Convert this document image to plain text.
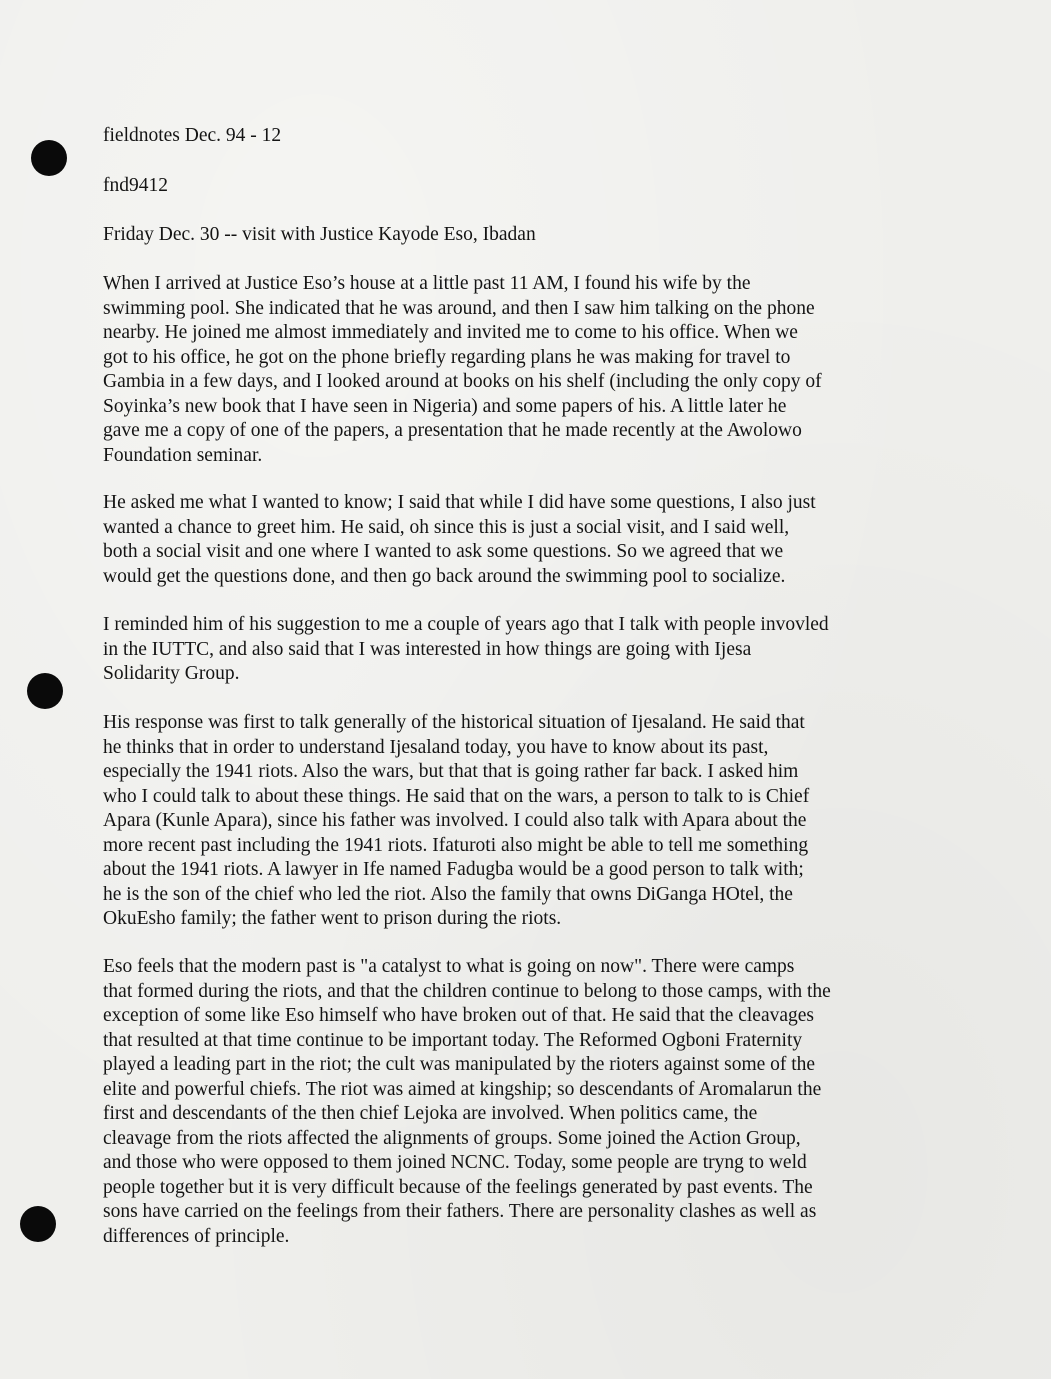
fieldnotes Dec. 94 - 12
fnd9412
Friday Dec. 30 -- visit with Justice Kayode Eso, Ibadan
When I arrived at Justice Eso’s house at a little past 11 AM, I found his wife by the
swimming pool. She indicated that he was around, and then I saw him talking on the phone
nearby. He joined me almost immediately and invited me to come to his office. When we
got to his office, he got on the phone briefly regarding plans he was making for travel to
Gambia in a few days, and I looked around at books on his shelf (including the only copy of
Soyinka’s new book that I have seen in Nigeria) and some papers of his. A little later he
gave me a copy of one of the papers, a presentation that he made recently at the Awolowo
Foundation seminar.
He asked me what I wanted to know; I said that while I did have some questions, I also just
wanted a chance to greet him. He said, oh since this is just a social visit, and I said well,
both a social visit and one where I wanted to ask some questions. So we agreed that we
would get the questions done, and then go back around the swimming pool to socialize.
I reminded him of his suggestion to me a couple of years ago that I talk with people invovled
in the IUTTC, and also said that I was interested in how things are going with Ijesa
Solidarity Group.
His response was first to talk generally of the historical situation of Ijesaland. He said that
he thinks that in order to understand Ijesaland today, you have to know about its past,
especially the 1941 riots. Also the wars, but that that is going rather far back. I asked him
who I could talk to about these things. He said that on the wars, a person to talk to is Chief
Apara (Kunle Apara), since his father was involved. I could also talk with Apara about the
more recent past including the 1941 riots. Ifaturoti also might be able to tell me something
about the 1941 riots. A lawyer in Ife named Fadugba would be a good person to talk with;
he is the son of the chief who led the riot. Also the family that owns DiGanga HOtel, the
OkuEsho family; the father went to prison during the riots.
Eso feels that the modern past is "a catalyst to what is going on now". There were camps
that formed during the riots, and that the children continue to belong to those camps, with the
exception of some like Eso himself who have broken out of that. He said that the cleavages
that resulted at that time continue to be important today. The Reformed Ogboni Fraternity
played a leading part in the riot; the cult was manipulated by the rioters against some of the
elite and powerful chiefs. The riot was aimed at kingship; so descendants of Aromalarun the
first and descendants of the then chief Lejoka are involved. When politics came, the
cleavage from the riots affected the alignments of groups. Some joined the Action Group,
and those who were opposed to them joined NCNC. Today, some people are tryng to weld
people together but it is very difficult because of the feelings generated by past events. The
sons have carried on the feelings from their fathers. There are personality clashes as well as
differences of principle.
